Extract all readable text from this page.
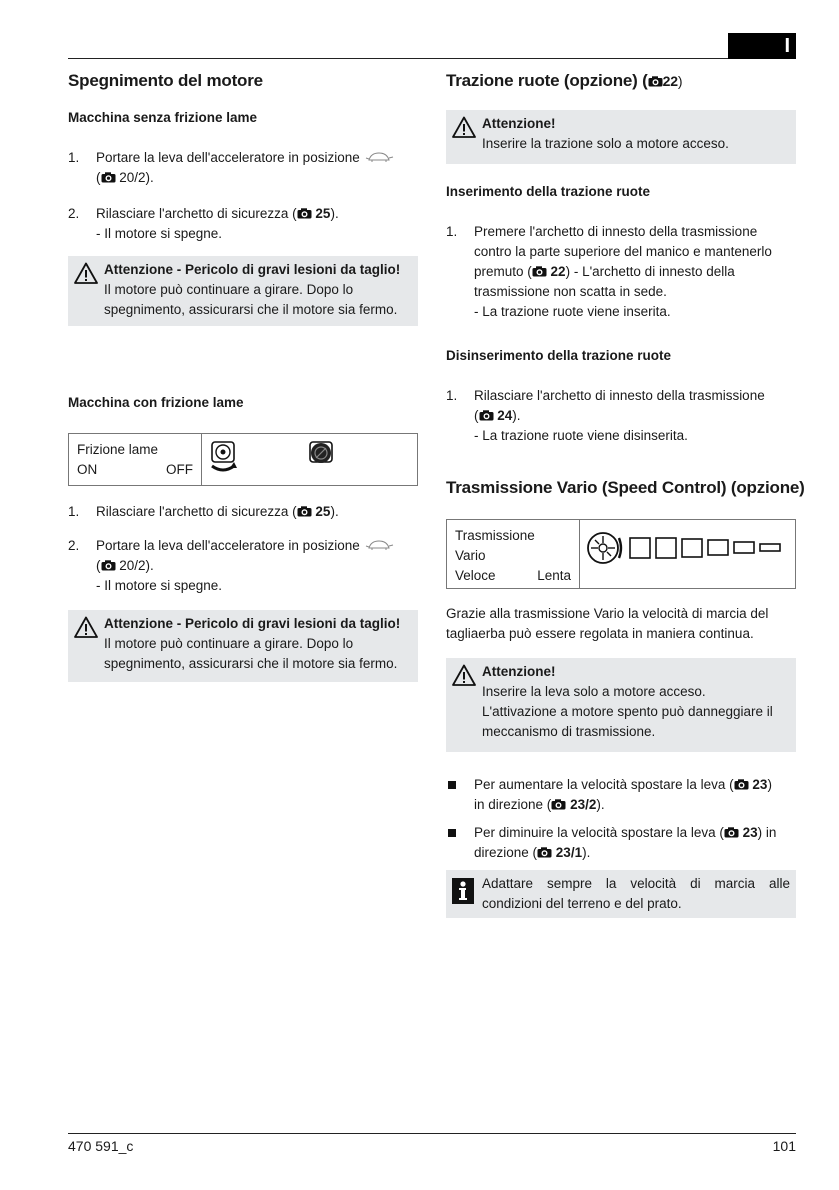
I
Spegnimento del motore
Macchina senza frizione lame
1. Portare la leva dell'acceleratore in posizione
( 20/2).
2. Rilasciare l'archetto di sicurezza ( 25).
- Il motore si spegne.
Attenzione - Pericolo di gravi lesioni da taglio!
Il motore può continuare a girare. Dopo lo
spegnimento, assicurarsi che il motore sia fermo.
Macchina con frizione lame
Frizione lame
ON	OFF
1. Rilasciare l'archetto di sicurezza ( 25).
2. Portare la leva dell'acceleratore in posizione
( 20/2).
- Il motore si spegne.
Attenzione - Pericolo di gravi lesioni da taglio!
Il motore può continuare a girare. Dopo lo
spegnimento, assicurarsi che il motore sia fermo.
Trazione ruote (opzione) ( 22)
Attenzione!
Inserire la trazione solo a motore acceso.
Inserimento della trazione ruote
1. Premere l'archetto di innesto della trasmissione
contro la parte superiore del manico e mantenerlo
premuto ( 22) - L'archetto di innesto della
trasmissione non scatta in sede.
- La trazione ruote viene inserita.
Disinserimento della trazione ruote
1. Rilasciare l'archetto di innesto della trasmissione
( 24).
- La trazione ruote viene disinserita.
Trasmissione Vario (Speed Control) (opzione)
Trasmissione
Vario
Veloce	Lenta
Grazie alla trasmissione Vario la velocità di marcia del
tagliaerba può essere regolata in maniera continua.
Attenzione!
Inserire la leva solo a motore acceso.
L'attivazione a motore spento può danneggiare il
meccanismo di trasmissione.
Per aumentare la velocità spostare la leva ( 23)
in direzione ( 23/2).
Per diminuire la velocità spostare la leva ( 23) in
direzione ( 23/1).
Adattare sempre la velocità di marcia alle
condizioni del terreno e del prato.
470 591_c	101
